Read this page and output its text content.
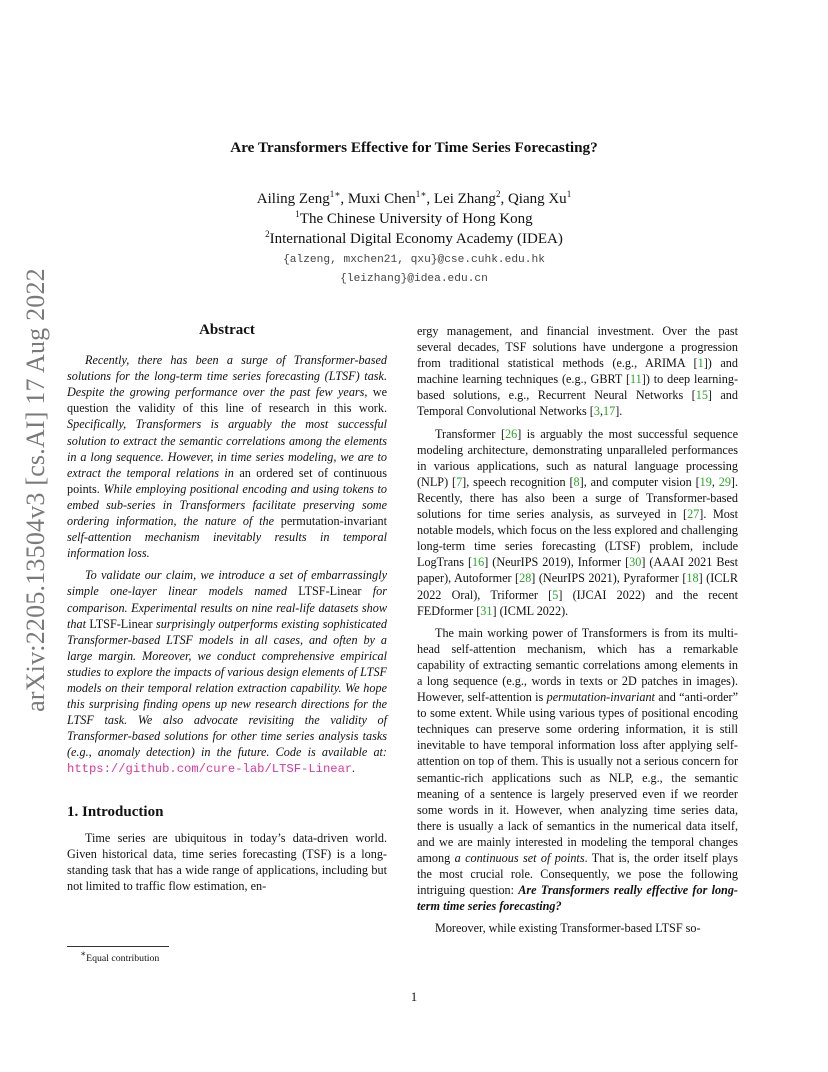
arXiv:2205.13504v3 [cs.AI] 17 Aug 2022
Are Transformers Effective for Time Series Forecasting?
Ailing Zeng$^{1∗}$, Muxi Chen$^{1∗}$, Lei Zhang$^2$, Qiang Xu$^1$
$^1$The Chinese University of Hong Kong
$^2$International Digital Economy Academy (IDEA)
{alzeng, mxchen21, qxu}@cse.cuhk.edu.hk
{leizhang}@idea.edu.cn
Abstract

Recently, there has been a surge of Transformer-based solutions for the long-term time series forecasting (LTSF) task. Despite the growing performance over the past few years, we question the validity of this line of research in this work. Specifically, Transformers is arguably the most successful solution to extract the semantic correlations among the elements in a long sequence. However, in time series modeling, we are to extract the temporal relations in an ordered set of continuous points. While employing positional encoding and using tokens to embed sub-series in Transformers facilitate preserving some ordering information, the nature of the permutation-invariant self-attention mechanism inevitably results in temporal information loss.

To validate our claim, we introduce a set of embarrassingly simple one-layer linear models named LTSF-Linear for comparison. Experimental results on nine real-life datasets show that LTSF-Linear surprisingly outperforms existing sophisticated Transformer-based LTSF models in all cases, and often by a large margin. Moreover, we conduct comprehensive empirical studies to explore the impacts of various design elements of LTSF models on their temporal relation extraction capability. We hope this surprising finding opens up new research directions for the LTSF task. We also advocate revisiting the validity of Transformer-based solutions for other time series analysis tasks (e.g., anomaly detection) in the future. Code is available at: https://github.com/cure-lab/LTSF-Linear.

1. Introduction

Time series are ubiquitous in today’s data-driven world. Given historical data, time series forecasting (TSF) is a long-standing task that has a wide range of applications, including but not limited to traffic flow estimation, en-

ergy management, and financial investment. Over the past several decades, TSF solutions have undergone a progression from traditional statistical methods (e.g., ARIMA [1]) and machine learning techniques (e.g., GBRT [11]) to deep learning-based solutions, e.g., Recurrent Neural Networks [15] and Temporal Convolutional Networks [3,17].

Transformer [26] is arguably the most successful sequence modeling architecture, demonstrating unparalleled performances in various applications, such as natural language processing (NLP) [7], speech recognition [8], and computer vision [19, 29]. Recently, there has also been a surge of Transformer-based solutions for time series analysis, as surveyed in [27]. Most notable models, which focus on the less explored and challenging long-term time series forecasting (LTSF) problem, include LogTrans [16] (NeurIPS 2019), Informer [30] (AAAI 2021 Best paper), Autoformer [28] (NeurIPS 2021), Pyraformer [18] (ICLR 2022 Oral), Triformer [5] (IJCAI 2022) and the recent FEDformer [31] (ICML 2022).

The main working power of Transformers is from its multi-head self-attention mechanism, which has a remarkable capability of extracting semantic correlations among elements in a long sequence (e.g., words in texts or 2D patches in images). However, self-attention is permutation-invariant and “anti-order” to some extent. While using various types of positional encoding techniques can preserve some ordering information, it is still inevitable to have temporal information loss after applying self-attention on top of them. This is usually not a serious concern for semantic-rich applications such as NLP, e.g., the semantic meaning of a sentence is largely preserved even if we reorder some words in it. However, when analyzing time series data, there is usually a lack of semantics in the numerical data itself, and we are mainly interested in modeling the temporal changes among a continuous set of points. That is, the order itself plays the most crucial role. Consequently, we pose the following intriguing question: Are Transformers really effective for long-term time series forecasting?

Moreover, while existing Transformer-based LTSF so-

∗Equal contribution
1
